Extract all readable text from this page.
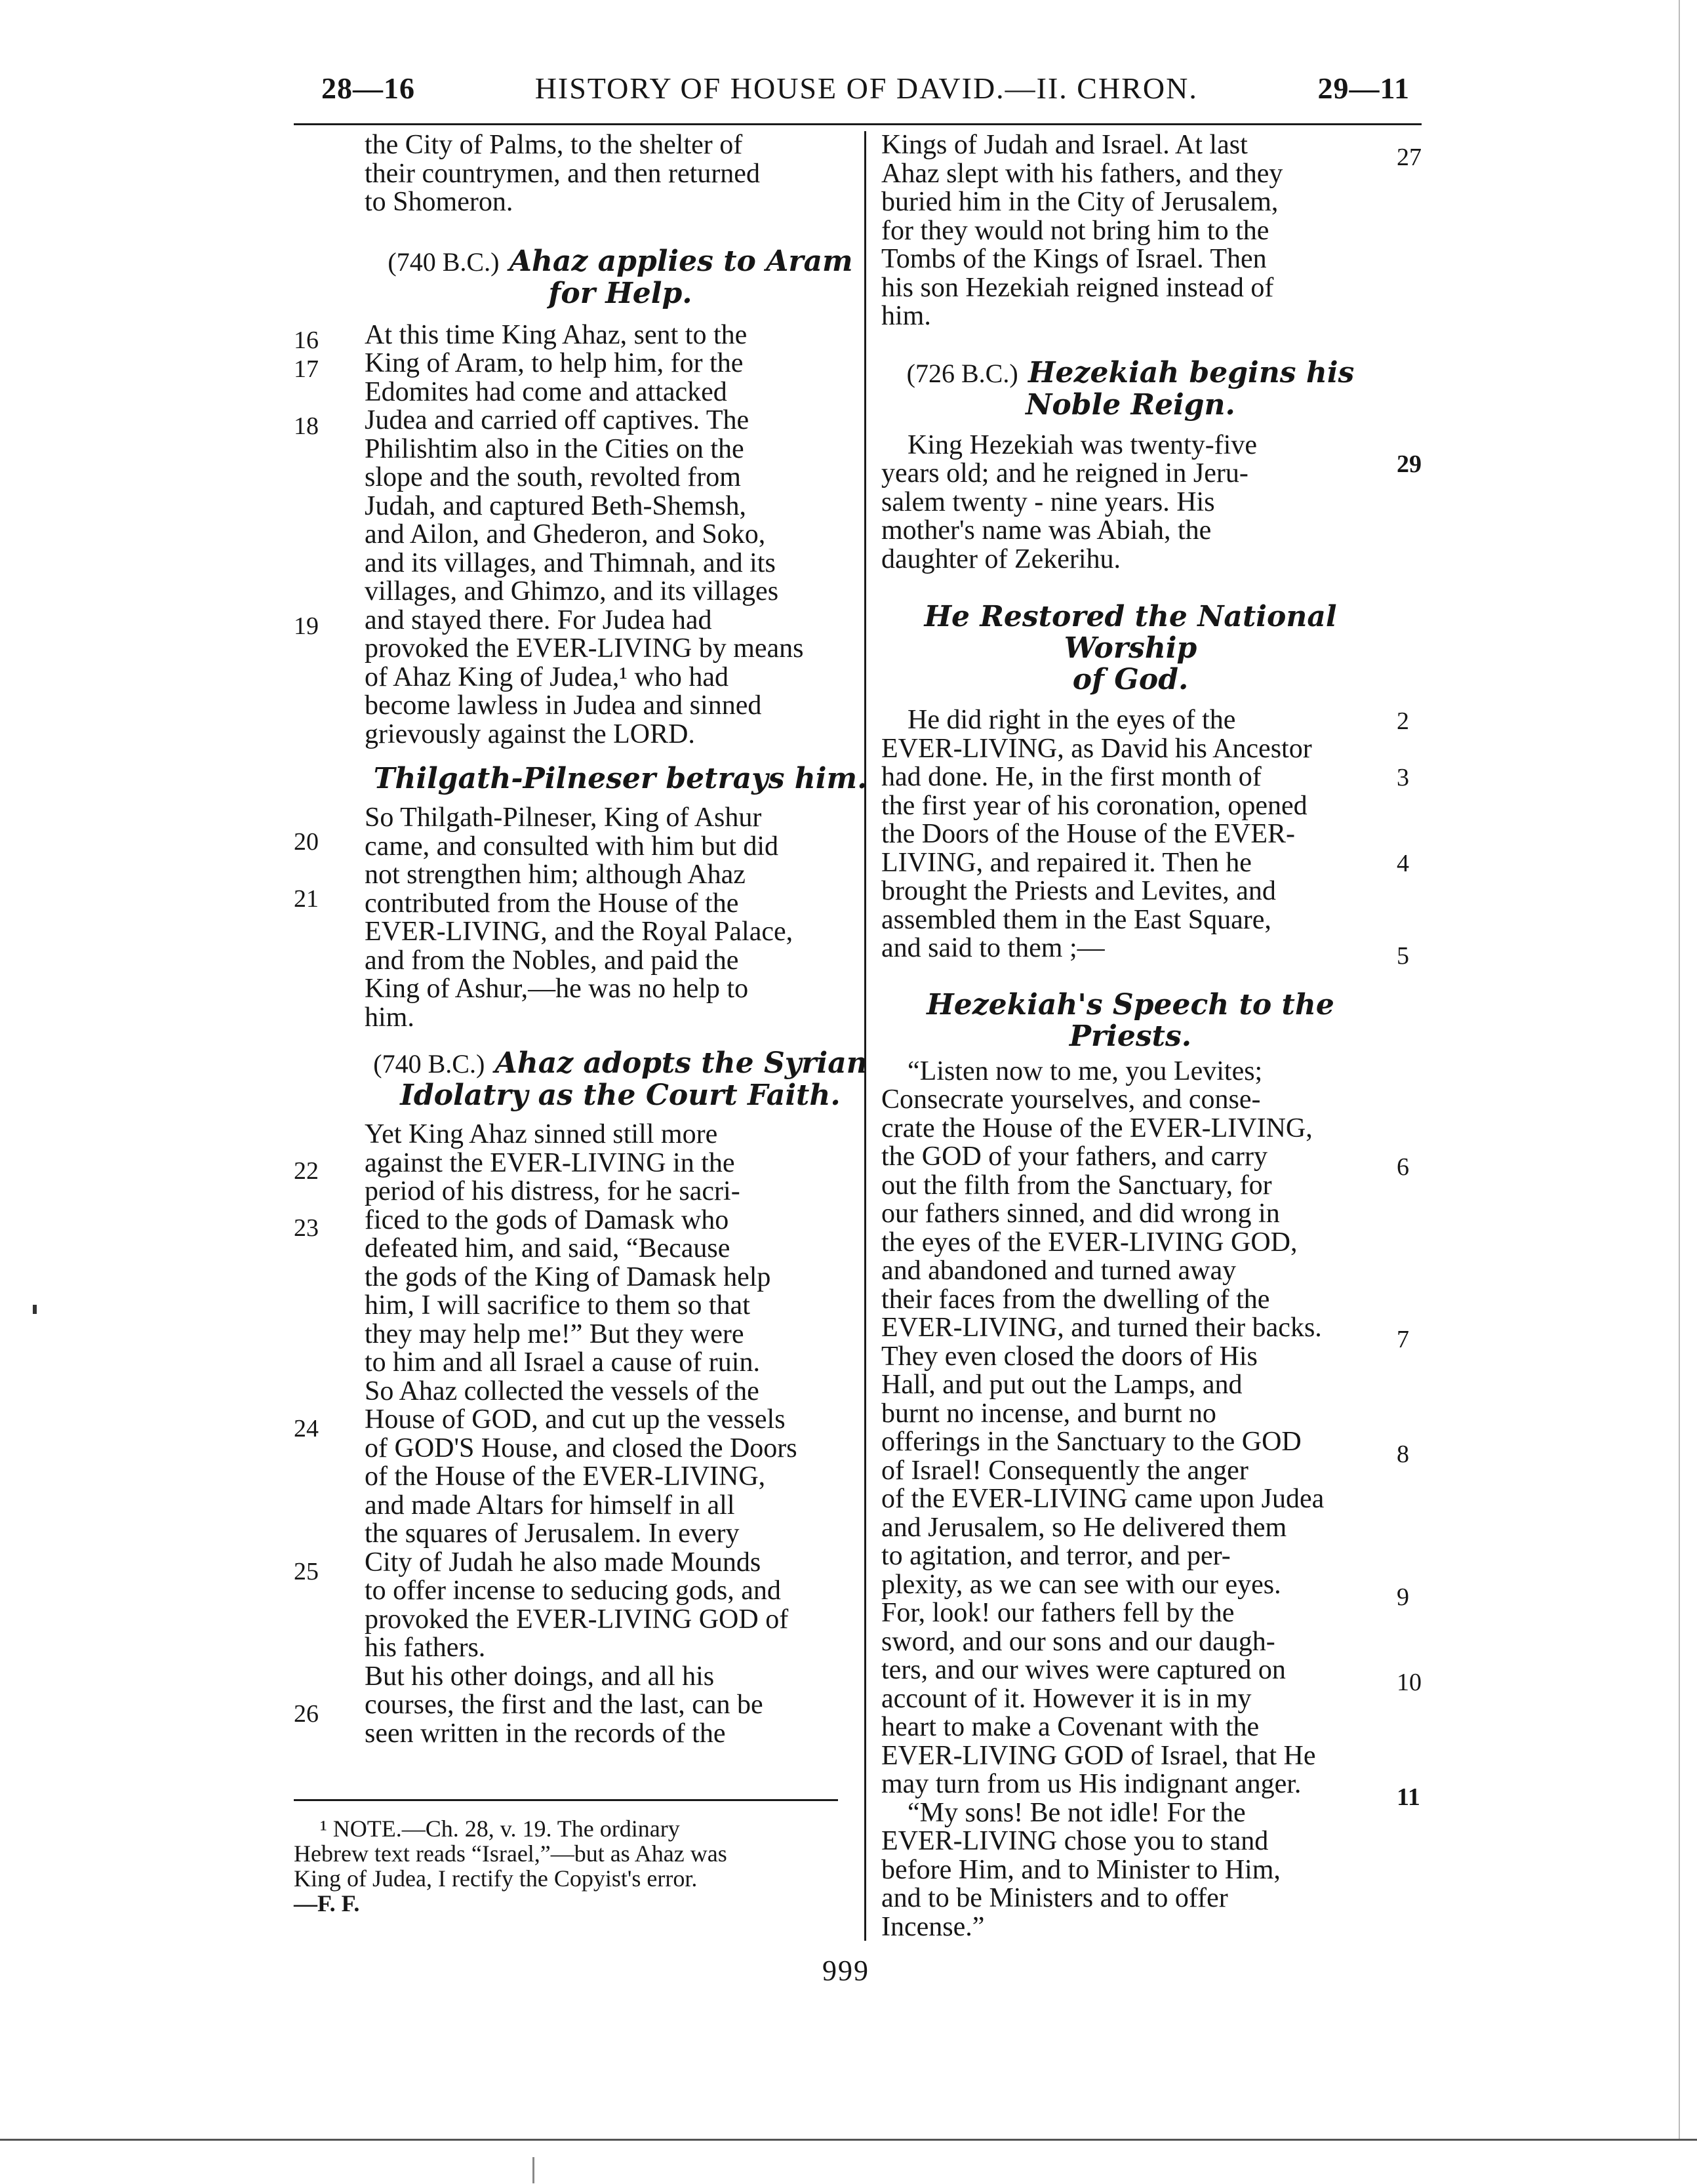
28—16	HISTORY OF HOUSE OF DAVID.—II. CHRON.	29—11
the City of Palms, to the shelter of
their countrymen, and then returned
to Shomeron.
(740 B.C.) Ahaz applies to Aram
for Help.
At this time King Ahaz, sent to the
King of Aram, to help him, for the
Edomites had come and attacked
Judea and carried off captives. The
Philishtim also in the Cities on the
slope and the south, revolted from
Judah, and captured Beth-Shemsh,
and Ailon, and Ghederon, and Soko,
and its villages, and Thimnah, and its
villages, and Ghimzo, and its villages
and stayed there. For Judea had
provoked the EVER-LIVING by means
of Ahaz King of Judea,¹ who had
become lawless in Judea and sinned
grievously against the LORD.
Thilgath-Pilneser betrays him.
So Thilgath-Pilneser, King of Ashur
came, and consulted with him but did
not strengthen him; although Ahaz
contributed from the House of the
EVER-LIVING, and the Royal Palace,
and from the Nobles, and paid the
King of Ashur,—he was no help to
him.
(740 B.C.) Ahaz adopts the Syrian
Idolatry as the Court Faith.
Yet King Ahaz sinned still more
against the EVER-LIVING in the
period of his distress, for he sacri-
ficed to the gods of Damask who
defeated him, and said, “Because
the gods of the King of Damask help
him, I will sacrifice to them so that
they may help me!” But they were
to him and all Israel a cause of ruin.
So Ahaz collected the vessels of the
House of GOD, and cut up the vessels
of GOD'S House, and closed the Doors
of the House of the EVER-LIVING,
and made Altars for himself in all
the squares of Jerusalem. In every
City of Judah he also made Mounds
to offer incense to seducing gods, and
provoked the EVER-LIVING GOD of
his fathers.
But his other doings, and all his
courses, the first and the last, can be
seen written in the records of the
16
17
18
19
20
21
22
23
24
25
26
¹ NOTE.—Ch. 28, v. 19. The ordinary
Hebrew text reads “Israel,”—but as Ahaz was
King of Judea, I rectify the Copyist's error.
—F. F.
Kings of Judah and Israel. At last
Ahaz slept with his fathers, and they
buried him in the City of Jerusalem,
for they would not bring him to the
Tombs of the Kings of Israel. Then
his son Hezekiah reigned instead of
him.
(726 B.C.) Hezekiah begins his
Noble Reign.
King Hezekiah was twenty-five
years old; and he reigned in Jeru-
salem twenty - nine years. His
mother's name was Abiah, the
daughter of Zekerihu.
He Restored the National Worship
of God.
He did right in the eyes of the
EVER-LIVING, as David his Ancestor
had done. He, in the first month of
the first year of his coronation, opened
the Doors of the House of the EVER-
LIVING, and repaired it. Then he
brought the Priests and Levites, and
assembled them in the East Square,
and said to them ;—
Hezekiah's Speech to the Priests.
“Listen now to me, you Levites;
Consecrate yourselves, and conse-
crate the House of the EVER-LIVING,
the GOD of your fathers, and carry
out the filth from the Sanctuary, for
our fathers sinned, and did wrong in
the eyes of the EVER-LIVING GOD,
and abandoned and turned away
their faces from the dwelling of the
EVER-LIVING, and turned their backs.
They even closed the doors of His
Hall, and put out the Lamps, and
burnt no incense, and burnt no
offerings in the Sanctuary to the GOD
of Israel! Consequently the anger
of the EVER-LIVING came upon Judea
and Jerusalem, so He delivered them
to agitation, and terror, and per-
plexity, as we can see with our eyes.
For, look! our fathers fell by the
sword, and our sons and our daugh-
ters, and our wives were captured on
account of it. However it is in my
heart to make a Covenant with the
EVER-LIVING GOD of Israel, that He
may turn from us His indignant anger.
“My sons! Be not idle! For the
EVER-LIVING chose you to stand
before Him, and to Minister to Him,
and to be Ministers and to offer
Incense.”
27
29
2
3
4
5
6
7
8
9
10
11
999
